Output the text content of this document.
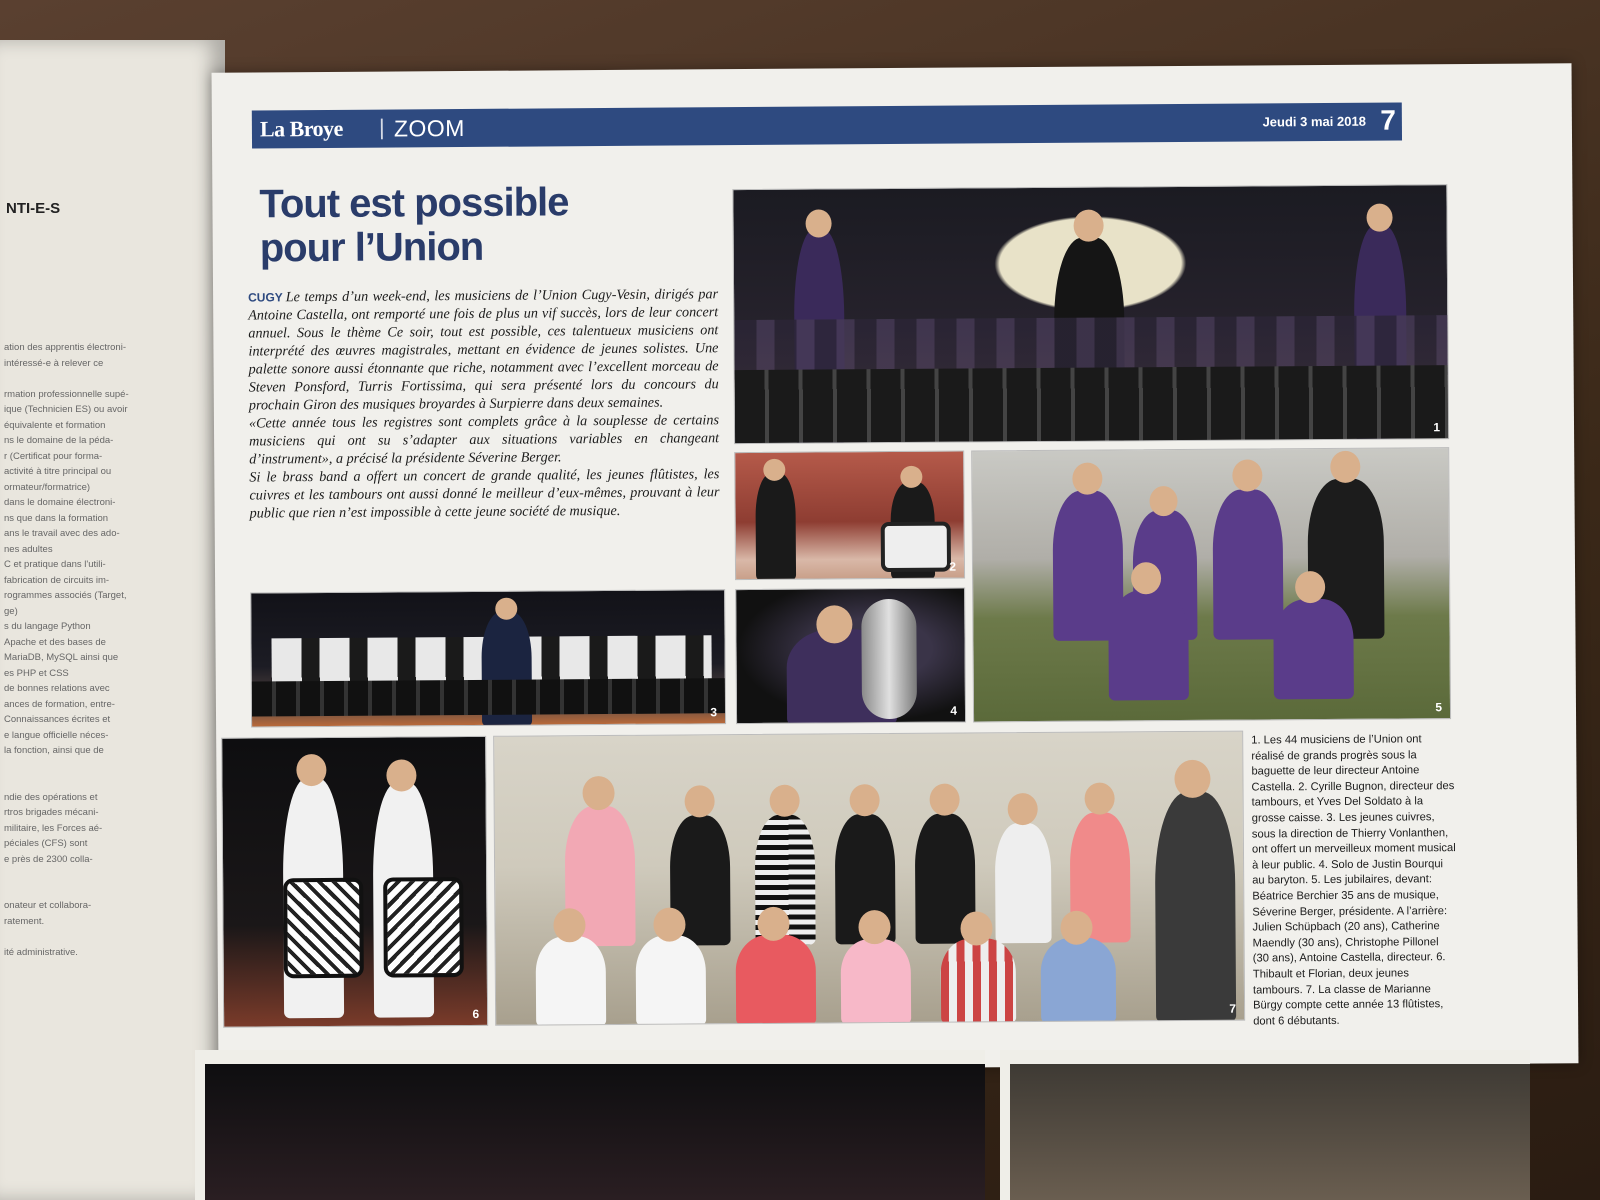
NTI-E-S
ation des apprentis électroni-
intéressé-e à relever ce

rmation professionnelle supé-
ique (Technicien ES) ou avoir
équivalente et formation
ns le domaine de la péda-
r (Certificat pour forma-
activité à titre principal ou
ormateur/formatrice)
dans le domaine électroni-
ns que dans la formation
ans le travail avec des ado-
nes adultes
C et pratique dans l'utili-
fabrication de circuits im-
rogrammes associés (Target,
ge)
s du langage Python
Apache et des bases de
MariaDB, MySQL ainsi que
es PHP et CSS
de bonnes relations avec
ances de formation, entre-
Connaissances écrites et
e langue officielle néces-
la fonction, ainsi que de

ndie des opérations et
rtros brigades mécani-
militaire, les Forces aé-
péciales (CFS) sont
e près de 2300 colla-

onateur et collabora-
ratement.

ité administrative.
La Broye | ZOOM	Jeudi 3 mai 2018 7
Tout est possible
pour l’Union

CUGY Le temps d’un week-end, les musiciens de l’Union Cugy-Vesin, dirigés par Antoine Castella, ont remporté une fois de plus un vif succès, lors de leur concert annuel. Sous le thème Ce soir, tout est possible, ces talentueux musiciens ont interprété des œuvres magistrales, mettant en évidence de jeunes solistes. Une palette sonore aussi étonnante que riche, notamment avec l’excellent morceau de Steven Ponsford, Turris Fortissima, qui sera présenté lors du concours du prochain Giron des musiques broyardes à Surpierre dans deux semaines.

«Cette année tous les registres sont complets grâce à la souplesse de certains musiciens qui ont su s’adapter aux situations variables en changeant d’instrument», a précisé la présidente Séverine Berger.

Si le brass band a offert un concert de grande qualité, les jeunes flûtistes, les cuivres et les tambours ont aussi donné le meilleur d’eux-mêmes, prouvant à leur public que rien n’est impossible à cette jeune société de musique.

1
2
3	4	5
6	7
1. Les 44 musiciens de l’Union ont réalisé de grands progrès sous la baguette de leur directeur Antoine Castella. 2. Cyrille Bugnon, directeur des tambours, et Yves Del Soldato à la grosse caisse. 3. Les jeunes cuivres, sous la direction de Thierry Vonlanthen, ont offert un merveilleux moment musical à leur public. 4. Solo de Justin Bourqui au baryton. 5. Les jubilaires, devant: Béatrice Berchier 35 ans de musique, Séverine Berger, présidente. A l’arrière: Julien Schüpbach (20 ans), Catherine Maendly (30 ans), Christophe Pillonel (30 ans), Antoine Castella, directeur. 6. Thibault et Florian, deux jeunes tambours. 7. La classe de Marianne Bürgy compte cette année 13 flûtistes, dont 6 débutants.
